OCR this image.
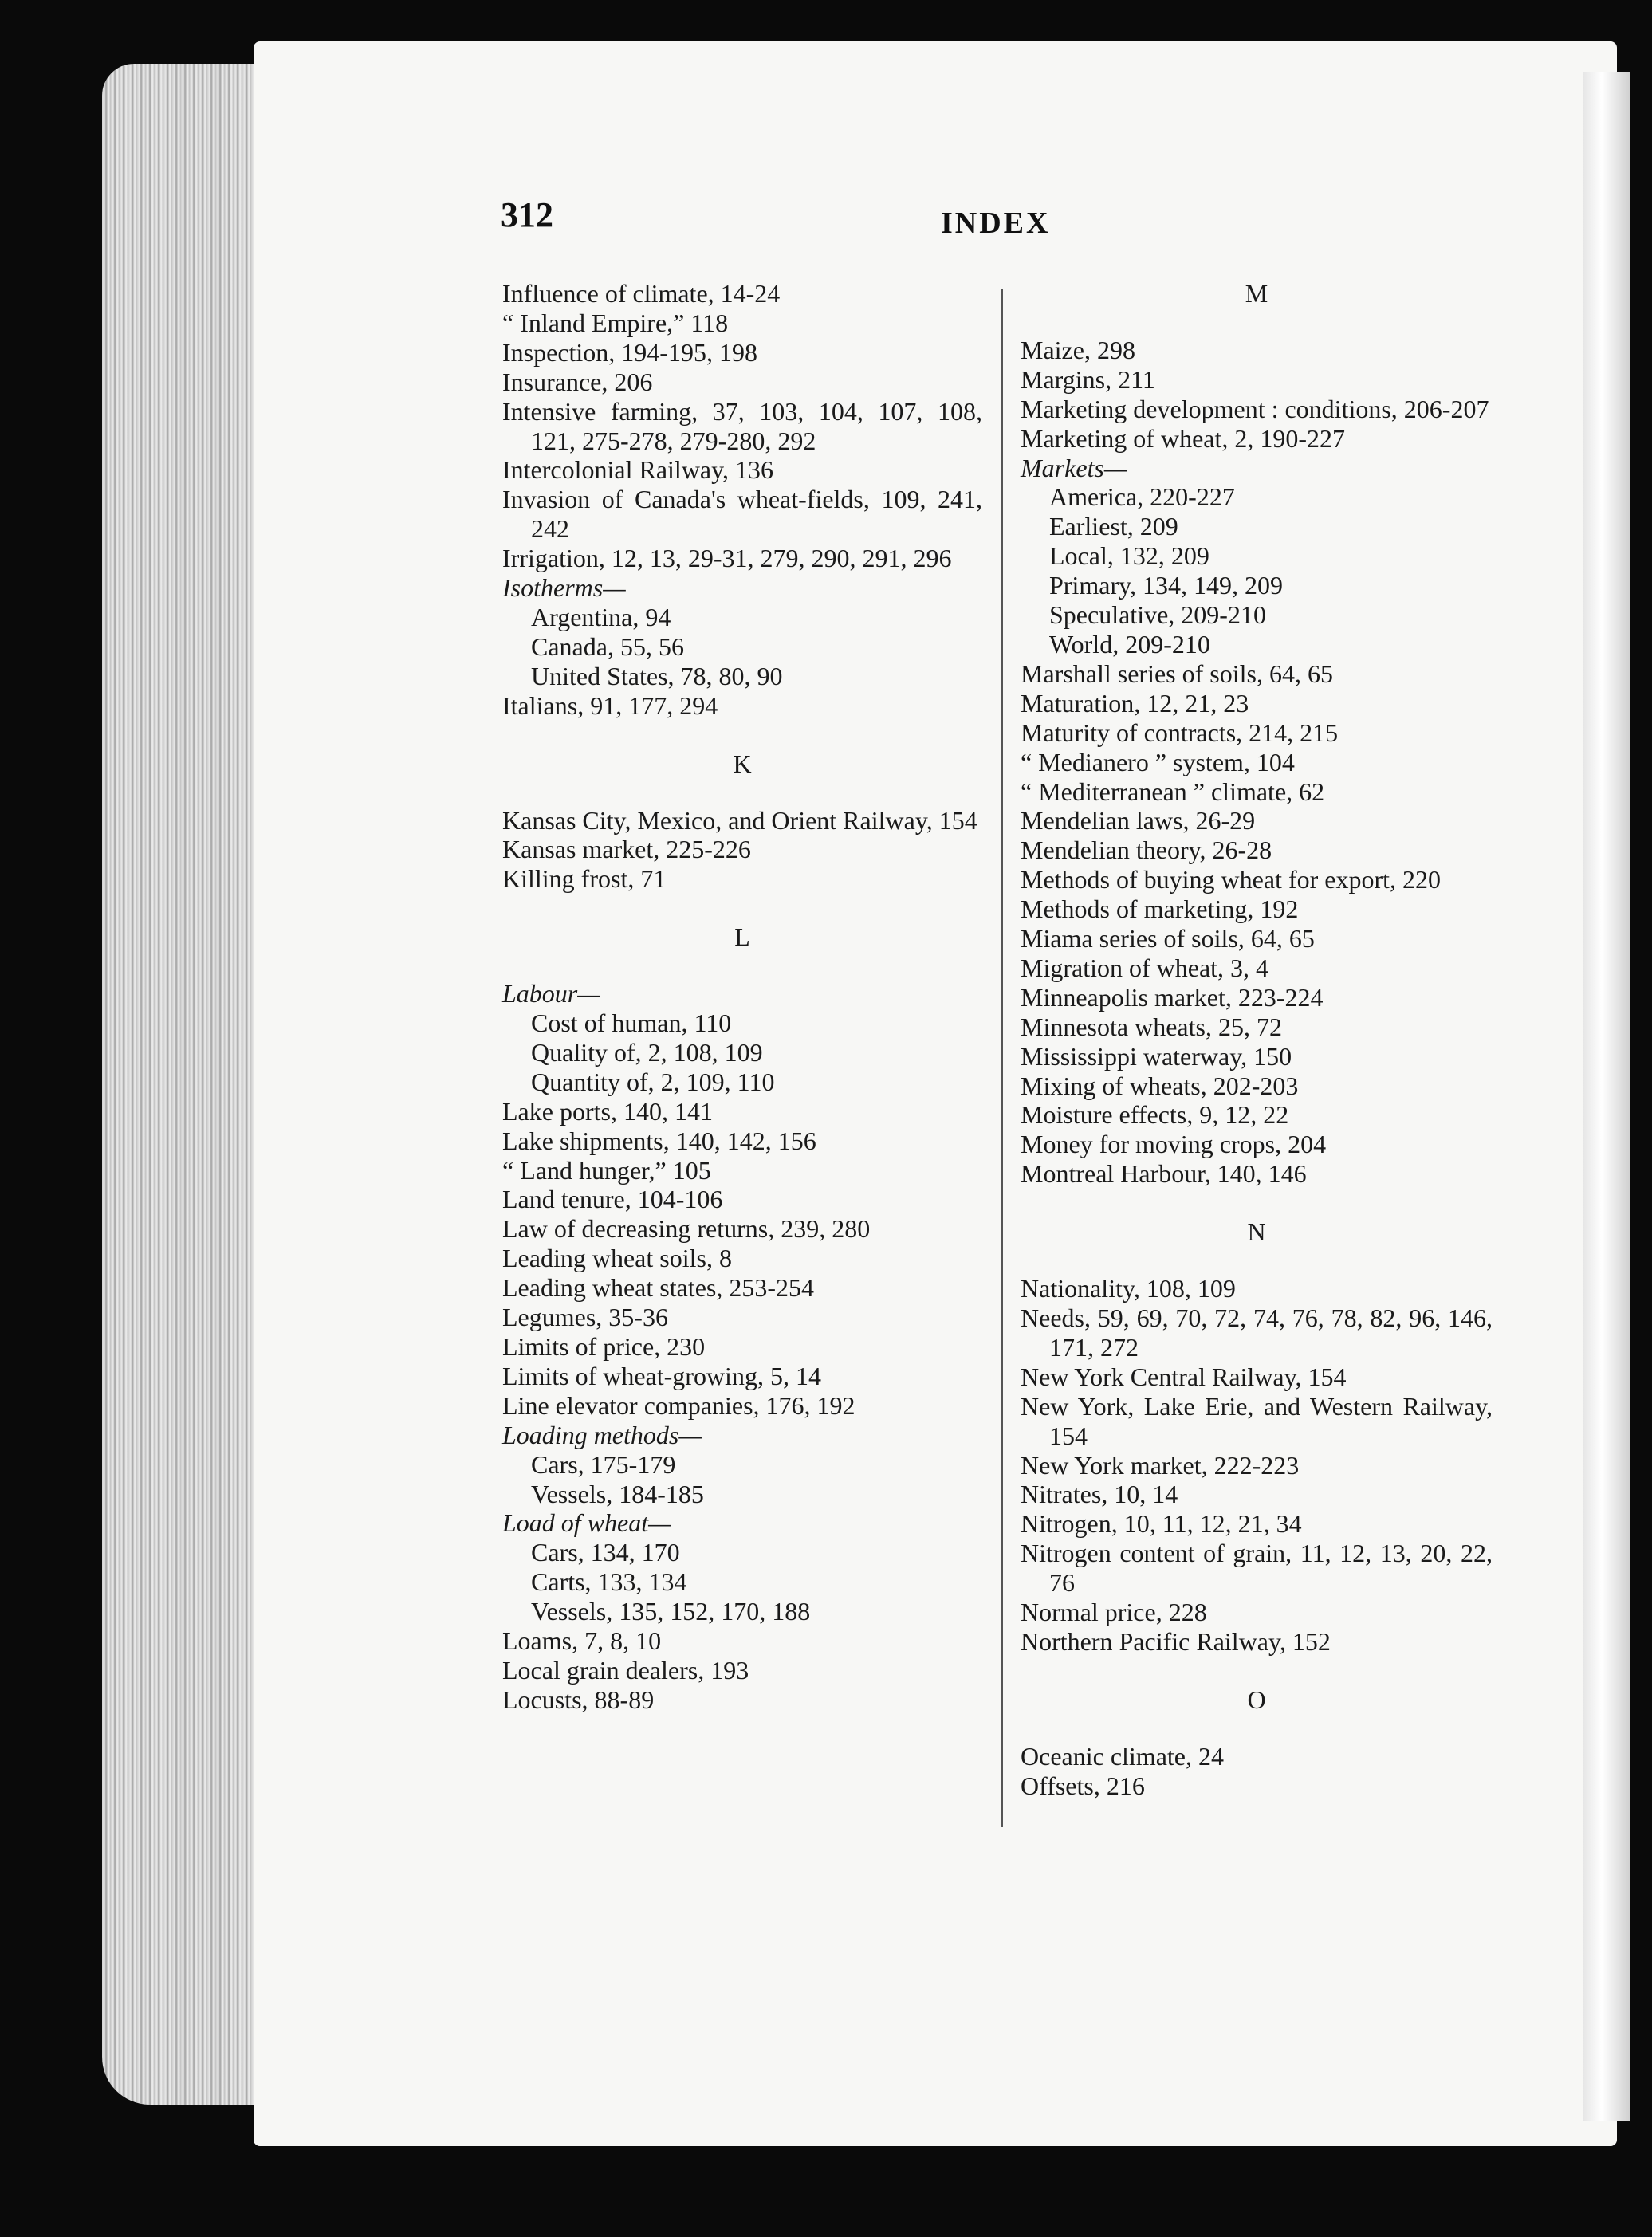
312	INDEX
Influence of climate, 14-24
“ Inland Empire,” 118
Inspection, 194-195, 198
Insurance, 206
Intensive farming, 37, 103, 104, 107, 108, 121, 275-278, 279-280, 292
Intercolonial Railway, 136
Invasion of Canada's wheat-fields, 109, 241, 242
Irrigation, 12, 13, 29-31, 279, 290, 291, 296
Isotherms—
Argentina, 94
Canada, 55, 56
United States, 78, 80, 90
Italians, 91, 177, 294
K
Kansas City, Mexico, and Orient Railway, 154
Kansas market, 225-226
Killing frost, 71
L
Labour—
Cost of human, 110
Quality of, 2, 108, 109
Quantity of, 2, 109, 110
Lake ports, 140, 141
Lake shipments, 140, 142, 156
“ Land hunger,” 105
Land tenure, 104-106
Law of decreasing returns, 239, 280
Leading wheat soils, 8
Leading wheat states, 253-254
Legumes, 35-36
Limits of price, 230
Limits of wheat-growing, 5, 14
Line elevator companies, 176, 192
Loading methods—
Cars, 175-179
Vessels, 184-185
Load of wheat—
Cars, 134, 170
Carts, 133, 134
Vessels, 135, 152, 170, 188
Loams, 7, 8, 10
Local grain dealers, 193
Locusts, 88-89
M
Maize, 298
Margins, 211
Marketing development : conditions, 206-207
Marketing of wheat, 2, 190-227
Markets—
America, 220-227
Earliest, 209
Local, 132, 209
Primary, 134, 149, 209
Speculative, 209-210
World, 209-210
Marshall series of soils, 64, 65
Maturation, 12, 21, 23
Maturity of contracts, 214, 215
“ Medianero ” system, 104
“ Mediterranean ” climate, 62
Mendelian laws, 26-29
Mendelian theory, 26-28
Methods of buying wheat for export, 220
Methods of marketing, 192
Miama series of soils, 64, 65
Migration of wheat, 3, 4
Minneapolis market, 223-224
Minnesota wheats, 25, 72
Mississippi waterway, 150
Mixing of wheats, 202-203
Moisture effects, 9, 12, 22
Money for moving crops, 204
Montreal Harbour, 140, 146
N
Nationality, 108, 109
Needs, 59, 69, 70, 72, 74, 76, 78, 82, 96, 146, 171, 272
New York Central Railway, 154
New York, Lake Erie, and Western Railway, 154
New York market, 222-223
Nitrates, 10, 14
Nitrogen, 10, 11, 12, 21, 34
Nitrogen content of grain, 11, 12, 13, 20, 22, 76
Normal price, 228
Northern Pacific Railway, 152
O
Oceanic climate, 24
Offsets, 216
